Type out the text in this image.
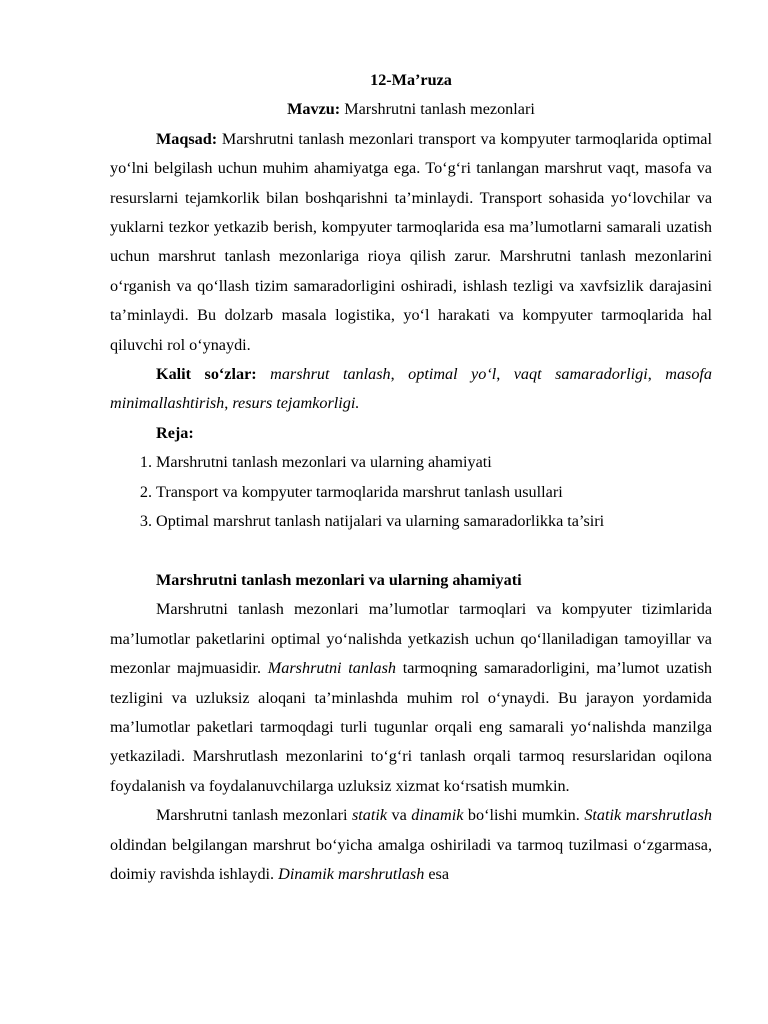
12-Ma’ruza

Mavzu: Marshrutni tanlash mezonlari

Maqsad: Marshrutni tanlash mezonlari transport va kompyuter tarmoqlarida optimal yo‘lni belgilash uchun muhim ahamiyatga ega. To‘g‘ri tanlangan marshrut vaqt, masofa va resurslarni tejamkorlik bilan boshqarishni ta’minlaydi. Transport sohasida yo‘lovchilar va yuklarni tezkor yetkazib berish, kompyuter tarmoqlarida esa ma’lumotlarni samarali uzatish uchun marshrut tanlash mezonlariga rioya qilish zarur. Marshrutni tanlash mezonlarini o‘rganish va qo‘llash tizim samaradorligini oshiradi, ishlash tezligi va xavfsizlik darajasini ta’minlaydi. Bu dolzarb masala logistika, yo‘l harakati va kompyuter tarmoqlarida hal qiluvchi rol o‘ynaydi.

Kalit so‘zlar: marshrut tanlash, optimal yo‘l, vaqt samaradorligi, masofa minimallashtirish, resurs tejamkorligi.

Reja:

1. Marshrutni tanlash mezonlari va ularning ahamiyati
2. Transport va kompyuter tarmoqlarida marshrut tanlash usullari
3. Optimal marshrut tanlash natijalari va ularning samaradorlikka ta’siri

Marshrutni tanlash mezonlari va ularning ahamiyati

Marshrutni tanlash mezonlari ma’lumotlar tarmoqlari va kompyuter tizimlarida ma’lumotlar paketlarini optimal yo‘nalishda yetkazish uchun qo‘llaniladigan tamoyillar va mezonlar majmuasidir. Marshrutni tanlash tarmoqning samaradorligini, ma’lumot uzatish tezligini va uzluksiz aloqani ta’minlashda muhim rol o‘ynaydi. Bu jarayon yordamida ma’lumotlar paketlari tarmoqdagi turli tugunlar orqali eng samarali yo‘nalishda manzilga yetkaziladi. Marshrutlash mezonlarini to‘g‘ri tanlash orqali tarmoq resurslaridan oqilona foydalanish va foydalanuvchilarga uzluksiz xizmat ko‘rsatish mumkin.

Marshrutni tanlash mezonlari statik va dinamik bo‘lishi mumkin. Statik marshrutlash oldindan belgilangan marshrut bo‘yicha amalga oshiriladi va tarmoq tuzilmasi o‘zgarmasa, doimiy ravishda ishlaydi. Dinamik marshrutlash esa
